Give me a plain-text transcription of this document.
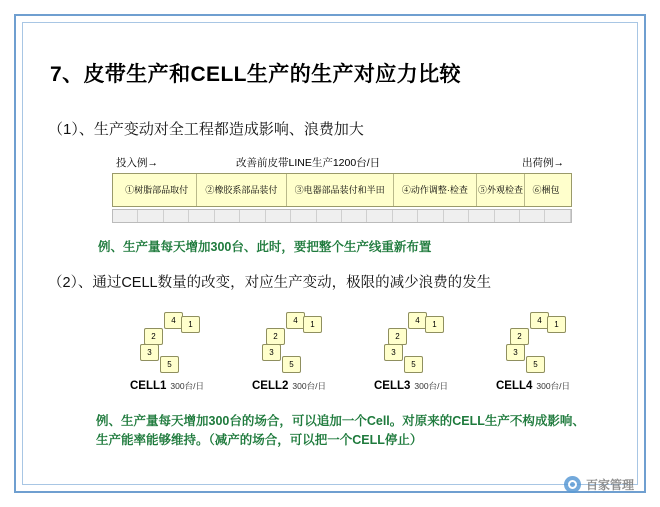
7、皮带生产和CELL生产的生产对应力比较
（1）、生产变动对全工程都造成影响、浪费加大
投入例→	改善前皮带LINE生产1200台/日	出荷例→
①树脂部品取付	②橡胶系部品装付	③电器部品装付和半田	④动作调整·检查	⑤外观检查	⑥梱包
例、生产量每天增加300台、此时，要把整个生产线重新布置
（2）、通过CELL数量的改变，对应生产变动，极限的减少浪费的发生
4	1
2
3
5
CELL1 300台/日
4	1
2
3
5
CELL2 300台/日
4	1
2
3
5
CELL3 300台/日
4	1
2
3
5
CELL4 300台/日
例、生产量每天增加300台的场合，可以追加一个Cell。对原来的CELL生产不构成影响、
生产能率能够维持。（减产的场合，可以把一个CELL停止）
百家管理
